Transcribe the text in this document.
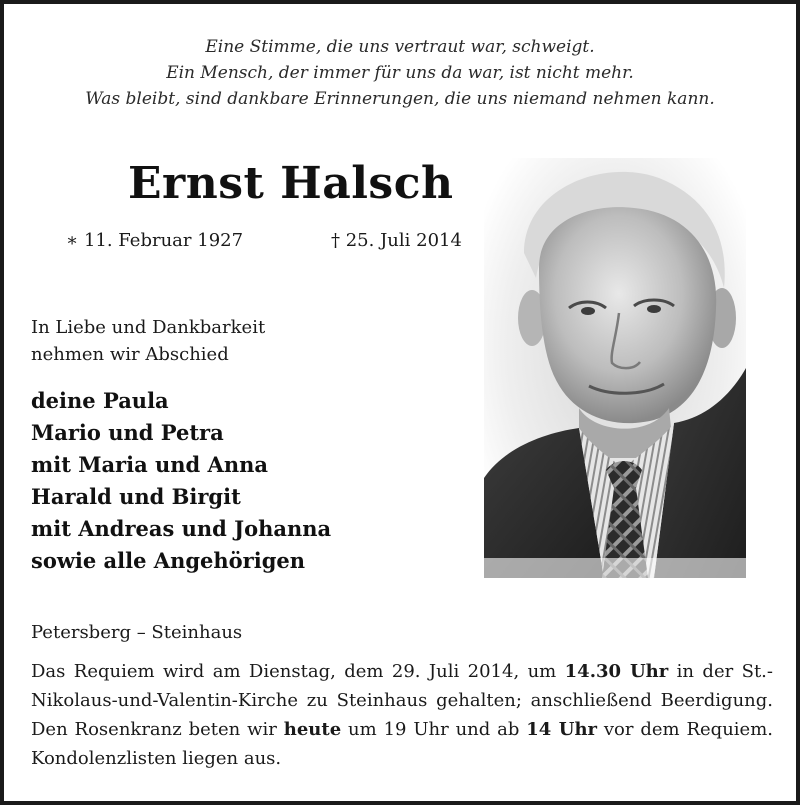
Eine Stimme, die uns vertraut war, schweigt.
Ein Mensch, der immer für uns da war, ist nicht mehr.
Was bleibt, sind dankbare Erinnerungen, die uns niemand nehmen kann.
Ernst Halsch
∗ 11. Februar 1927	† 25. Juli 2014
In Liebe und Dankbarkeit
nehmen wir Abschied
deine Paula
Mario und Petra
mit Maria und Anna
Harald und Birgit
mit Andreas und Johanna
sowie alle Angehörigen
Petersberg – Steinhaus
Das Requiem wird am Dienstag, dem 29. Juli 2014, um 14.30 Uhr in der St.-Nikolaus-und-Valentin-Kirche zu Steinhaus gehalten; anschließend Beerdigung. Den Rosenkranz beten wir heute um 19 Uhr und ab 14 Uhr vor dem Requiem. Kondolenzlisten liegen aus.
